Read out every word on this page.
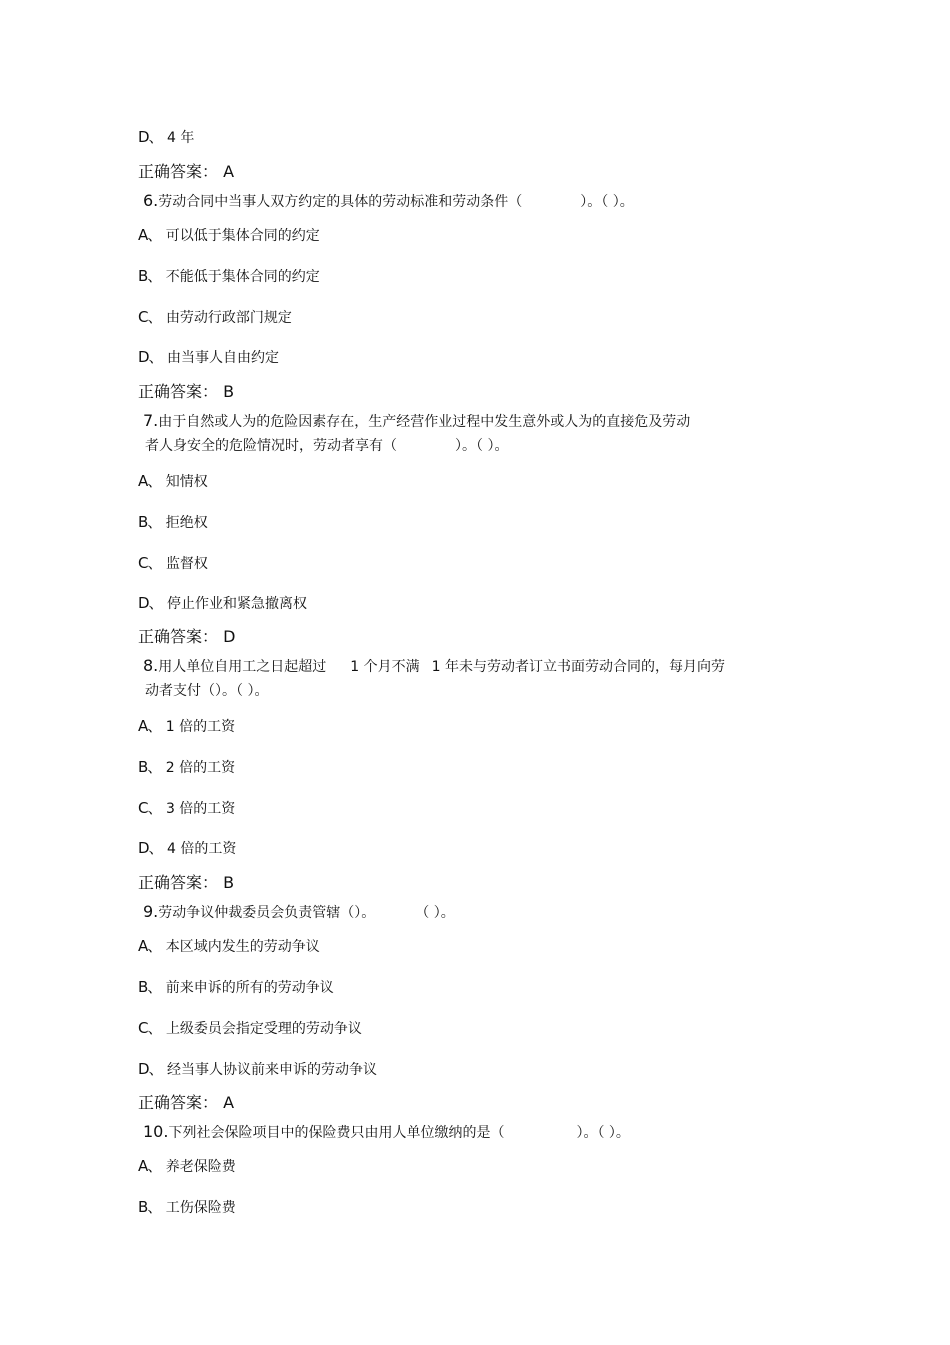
D、 4 年
正确答案： A
6.劳动合同中当事人双方约定的具体的劳动标准和劳动条件（	）。（ ）。
A、 可以低于集体合同的约定
B、 不能低于集体合同的约定
C、 由劳动行政部门规定
D、 由当事人自由约定
正确答案： B
7.由于自然或人为的危险因素存在，生产经营作业过程中发生意外或人为的直接危及劳动
者人身安全的危险情况时，劳动者享有（	）。（ ）。
A、 知情权
B、 拒绝权
C、 监督权
D、 停止作业和紧急撤离权
正确答案： D
8.用人单位自用工之日起超过 1 个月不满 1 年未与劳动者订立书面劳动合同的，每月向劳
动者支付（）。（ ）。
A、 1 倍的工资
B、 2 倍的工资
C、 3 倍的工资
D、 4 倍的工资
正确答案： B
9.劳动争议仲裁委员会负责管辖（）。	（ ）。
A、 本区域内发生的劳动争议
B、 前来申诉的所有的劳动争议
C、 上级委员会指定受理的劳动争议
D、 经当事人协议前来申诉的劳动争议
正确答案： A
10.下列社会保险项目中的保险费只由用人单位缴纳的是（	）。（ ）。
A、 养老保险费
B、 工伤保险费
